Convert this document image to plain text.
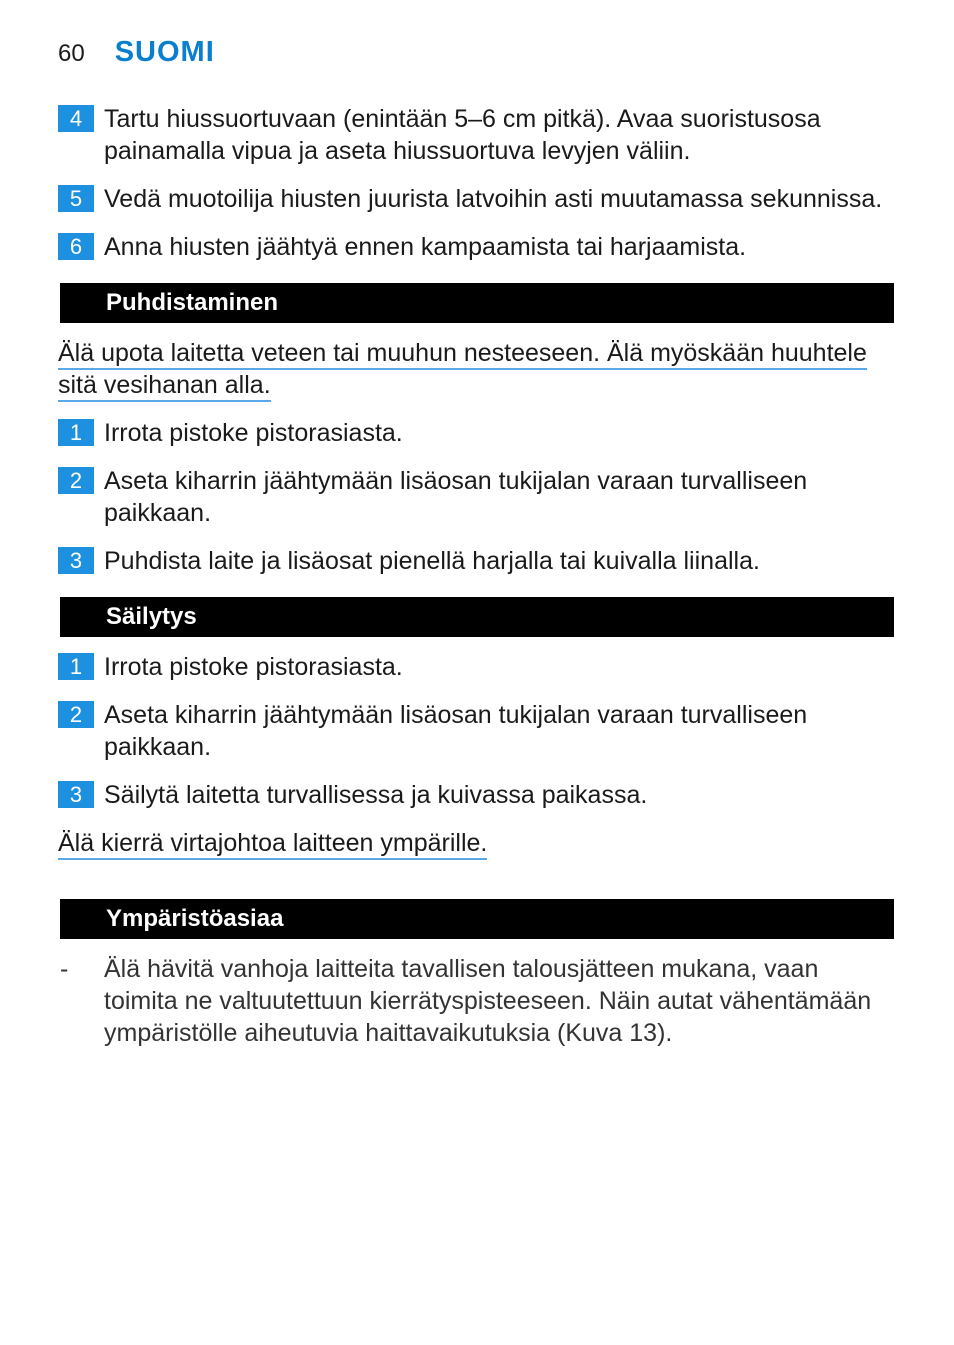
60 SUOMI
4 Tartu hiussuortuvaan (enintään 5–6 cm pitkä). Avaa suoristusosa painamalla vipua ja aseta hiussuortuva levyjen väliin.
5 Vedä muotoilija hiusten juurista latvoihin asti muutamassa sekunnissa.
6 Anna hiusten jäähtyä ennen kampaamista tai harjaamista.
Puhdistaminen
Älä upota laitetta veteen tai muuhun nesteeseen. Älä myöskään huuhtele sitä vesihanan alla.
1 Irrota pistoke pistorasiasta.
2 Aseta kiharrin jäähtymään lisäosan tukijalan varaan turvalliseen paikkaan.
3 Puhdista laite ja lisäosat pienellä harjalla tai kuivalla liinalla.
Säilytys
1 Irrota pistoke pistorasiasta.
2 Aseta kiharrin jäähtymään lisäosan tukijalan varaan turvalliseen paikkaan.
3 Säilytä laitetta turvallisessa ja kuivassa paikassa.
Älä kierrä virtajohtoa laitteen ympärille.
Ympäristöasiaa
- Älä hävitä vanhoja laitteita tavallisen talousjätteen mukana, vaan toimita ne valtuutettuun kierrätyspisteeseen. Näin autat vähentämään ympäristölle aiheutuvia haittavaikutuksia (Kuva 13).
